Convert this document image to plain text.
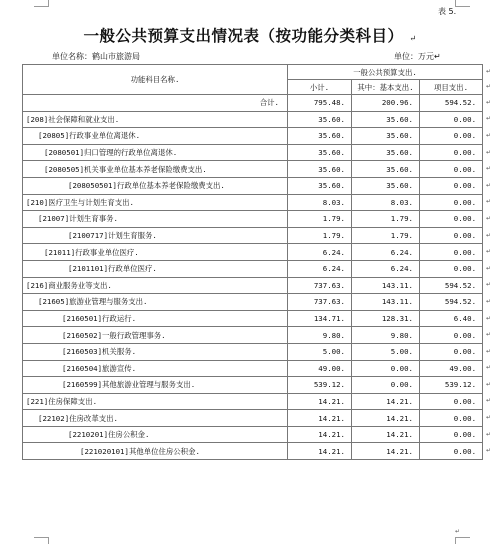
表 5.
一般公共预算支出情况表（按功能分类科目） ↵
单位名称：鹤山市旅游局	单位：万元↵
功能科目名称.	一般公共预算支出.		
	小计.	其中：基本支出.	项目支出.
合计.	795.48.	200.96.	594.52.
[208]社会保障和就业支出.	35.60.	35.60.	0.00.
[20805]行政事业单位离退休.	35.60.	35.60.	0.00.
[2080501]归口管理的行政单位离退休.	35.60.	35.60.	0.00.
[2080505]机关事业单位基本养老保险缴费支出.	35.60.	35.60.	0.00.
[208050501]行政单位基本养老保险缴费支出.	35.60.	35.60.	0.00.
[210]医疗卫生与计划生育支出.	8.03.	8.03.	0.00.
[21007]计划生育事务.	1.79.	1.79.	0.00.
[2100717]计划生育服务.	1.79.	1.79.	0.00.
[21011]行政事业单位医疗.	6.24.	6.24.	0.00.
[2101101]行政单位医疗.	6.24.	6.24.	0.00.
[216]商业服务业等支出.	737.63.	143.11.	594.52.
[21605]旅游业管理与服务支出.	737.63.	143.11.	594.52.
[2160501]行政运行.	134.71.	128.31.	6.40.
[2160502]一般行政管理事务.	9.80.	9.80.	0.00.
[2160503]机关服务.	5.00.	5.00.	0.00.
[2160504]旅游宣传.	49.00.	0.00.	49.00.
[2160599]其他旅游业管理与服务支出.	539.12.	0.00.	539.12.
[221]住房保障支出.	14.21.	14.21.	0.00.
[22102]住房改革支出.	14.21.	14.21.	0.00.
[2210201]住房公积金.	14.21.	14.21.	0.00.
[221020101]其他单位住房公积金.	14.21.	14.21.	0.00.
↵
↵
↵
↵
↵
↵
↵
↵
↵
↵
↵
↵
↵
↵
↵
↵
↵
↵
↵
↵
↵
↵
↵
↵
↵
